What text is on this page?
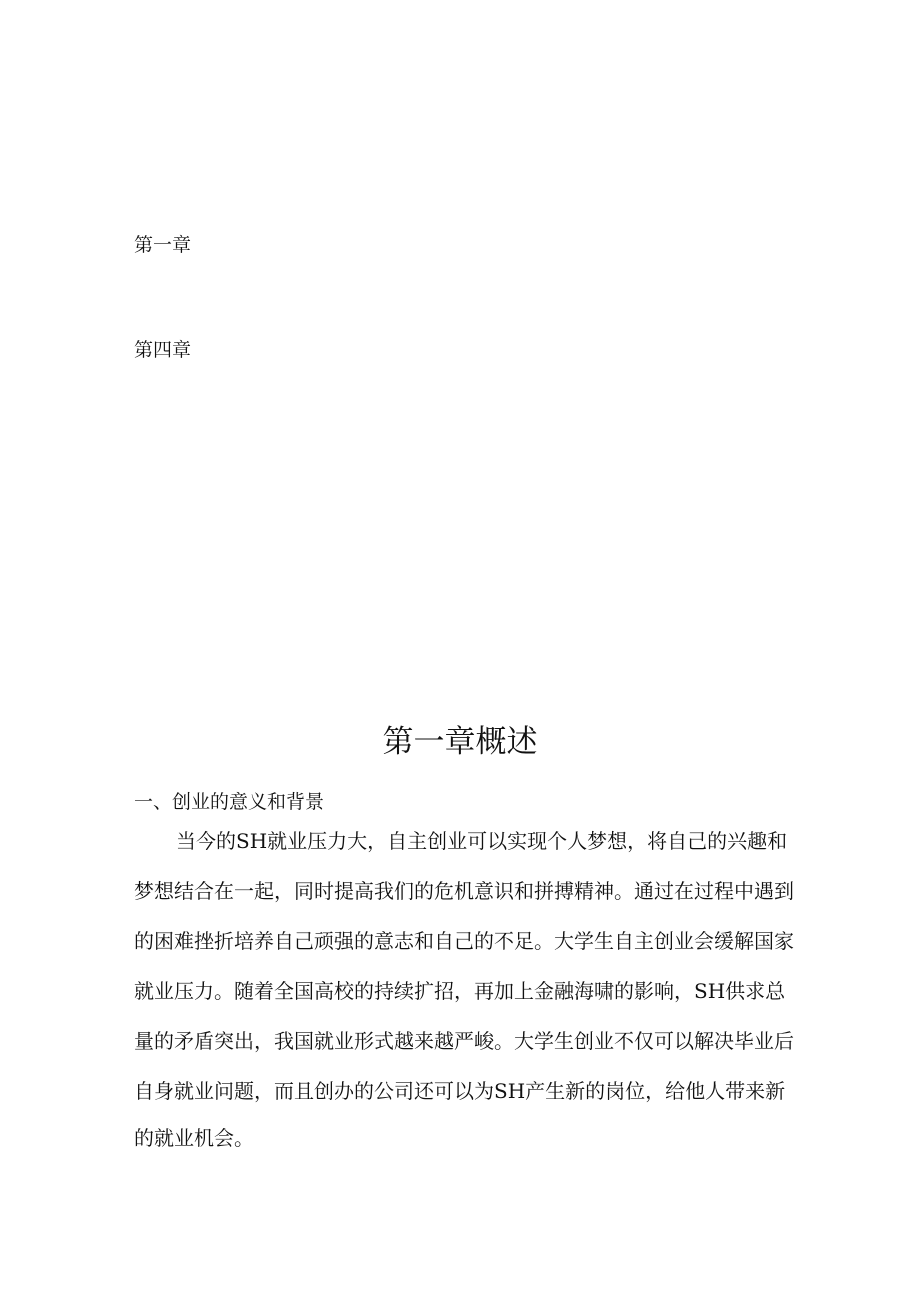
第一章
第四章
第一章概述
一、创业的意义和背景
当今的SH就业压力大，自主创业可以实现个人梦想，将自己的兴趣和
梦想结合在一起，同时提高我们的危机意识和拼搏精神。通过在过程中遇到
的困难挫折培养自己顽强的意志和自己的不足。大学生自主创业会缓解国家
就业压力。随着全国高校的持续扩招，再加上金融海啸的影响，SH供求总
量的矛盾突出，我国就业形式越来越严峻。大学生创业不仅可以解决毕业后
自身就业问题，而且创办的公司还可以为SH产生新的岗位，给他人带来新
的就业机会。
